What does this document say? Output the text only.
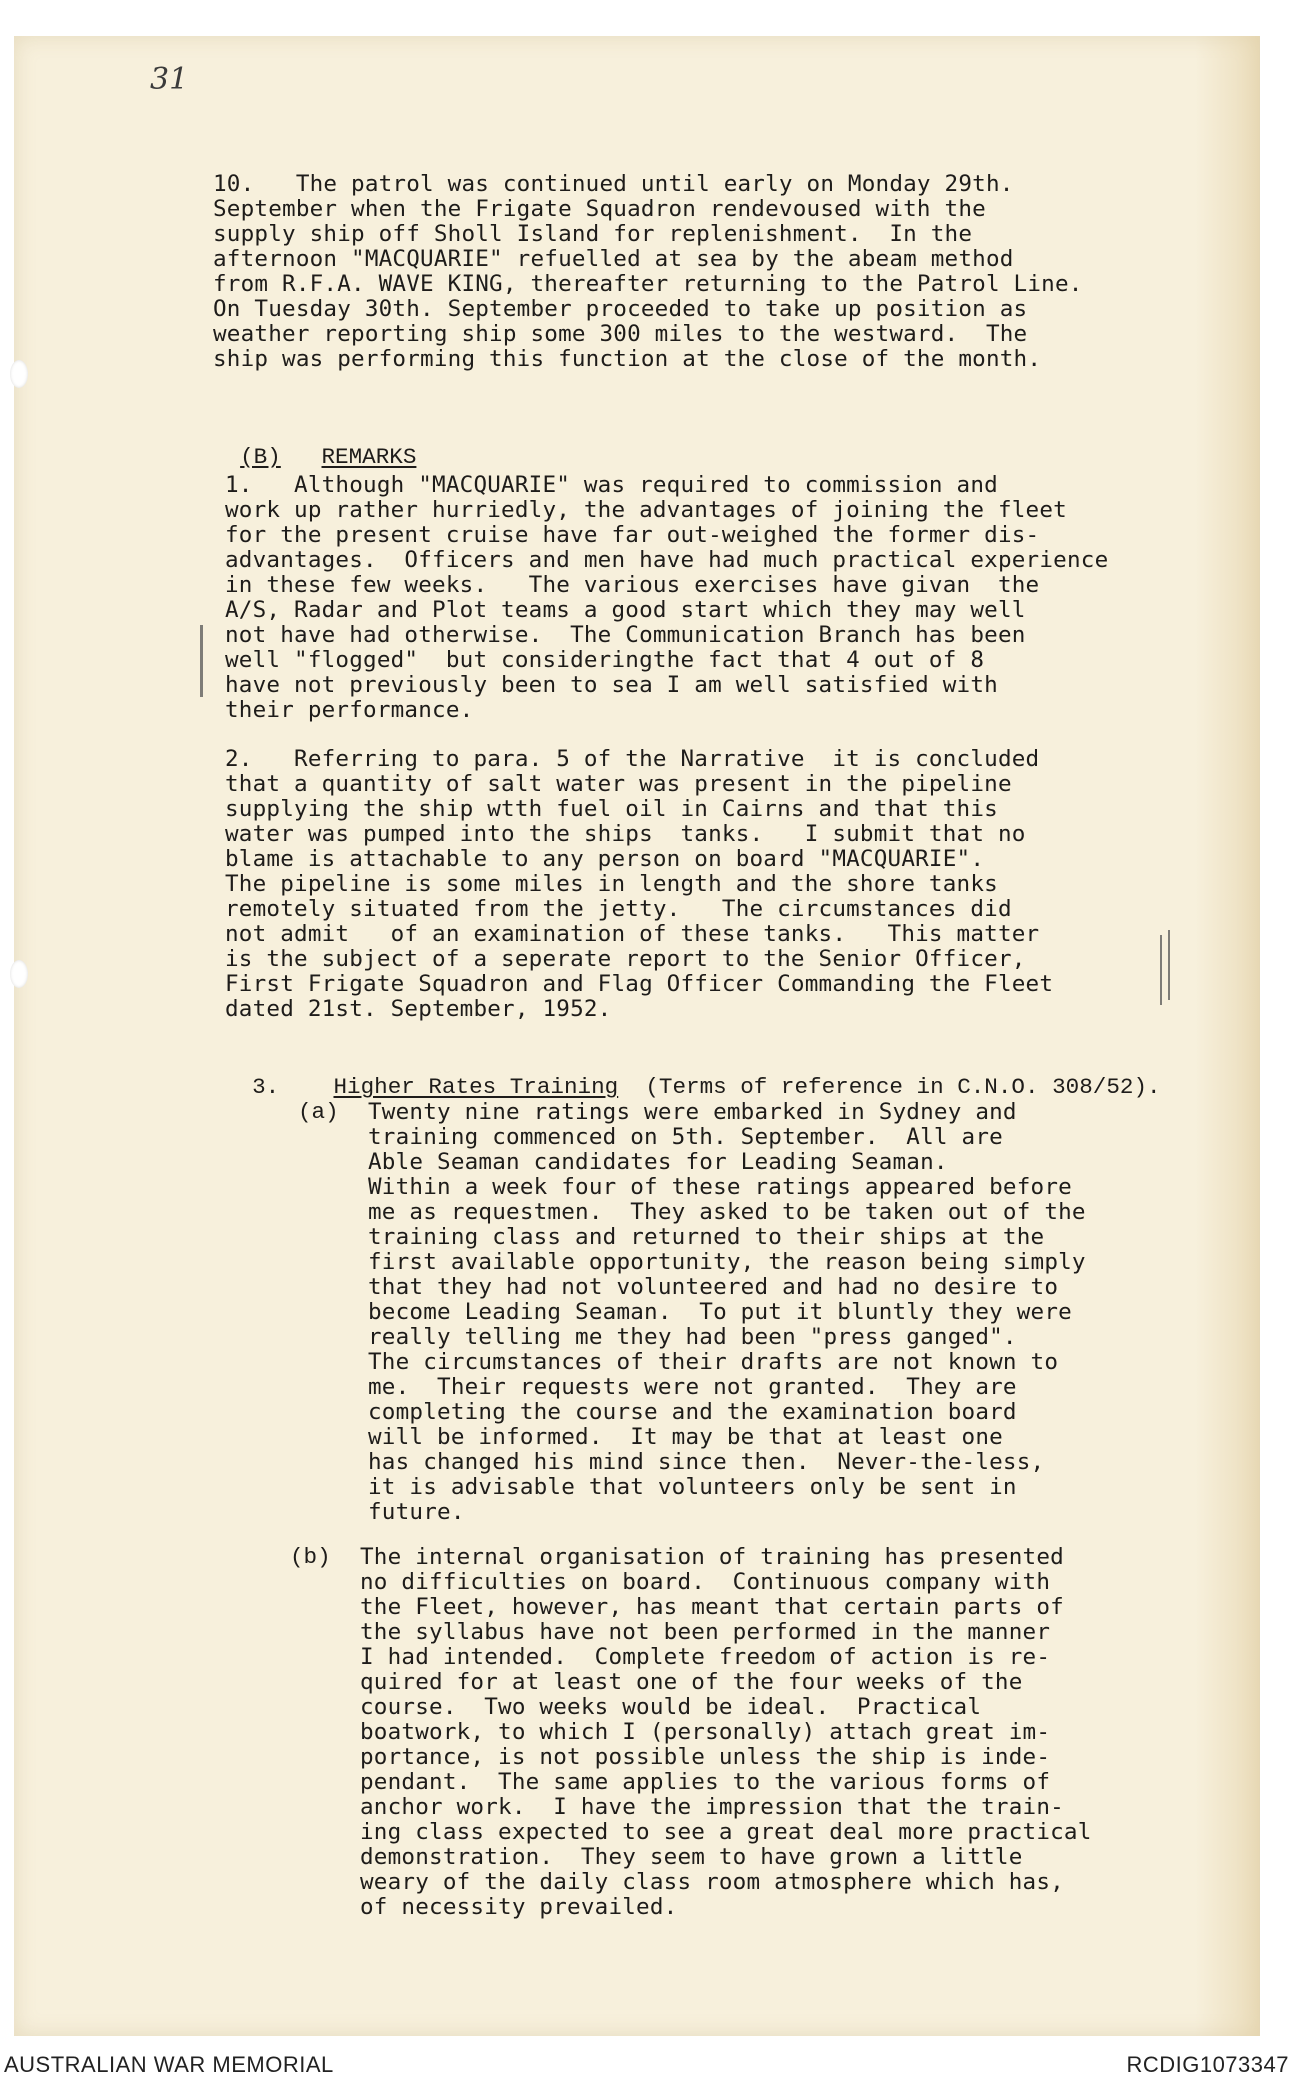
31
10.   The patrol was continued until early on Monday 29th.
September when the Frigate Squadron rendevoused with the
supply ship off Sholl Island for replenishment.  In the
afternoon "MACQUARIE" refuelled at sea by the abeam method
from R.F.A. WAVE KING, thereafter returning to the Patrol Line.
On Tuesday 30th. September proceeded to take up position as
weather reporting ship some 300 miles to the westward.  The
ship was performing this function at the close of the month.

(B) REMARKS

1.   Although "MACQUARIE" was required to commission and
work up rather hurriedly, the advantages of joining the fleet
for the present cruise have far out-weighed the former dis-
advantages.  Officers and men have had much practical experience
in these few weeks.   The various exercises have givan  the
A/S, Radar and Plot teams a good start which they may well
not have had otherwise.  The Communication Branch has been
well "flogged"  but consideringthe fact that 4 out of 8
have not previously been to sea I am well satisfied with
their performance.
2.   Referring to para. 5 of the Narrative  it is concluded
that a quantity of salt water was present in the pipeline
supplying the ship wtth fuel oil in Cairns and that this
water was pumped into the ships  tanks.   I submit that no
blame is attachable to any person on board "MACQUARIE".
The pipeline is some miles in length and the shore tanks
remotely situated from the jetty.   The circumstances did
not admit   of an examination of these tanks.   This matter
is the subject of a seperate report to the Senior Officer,
First Frigate Squadron and Flag Officer Commanding the Fleet
dated 21st. September, 1952.

3. Higher Rates Training (Terms of reference in C.N.O. 308/52).

(a) Twenty nine ratings were embarked in Sydney and
training commenced on 5th. September.  All are
Able Seaman candidates for Leading Seaman.
Within a week four of these ratings appeared before
me as requestmen.  They asked to be taken out of the
training class and returned to their ships at the
first available opportunity, the reason being simply
that they had not volunteered and had no desire to
become Leading Seaman.  To put it bluntly they were
really telling me they had been "press ganged".
The circumstances of their drafts are not known to
me.  Their requests were not granted.  They are
completing the course and the examination board
will be informed.  It may be that at least one
has changed his mind since then.  Never-the-less,
it is advisable that volunteers only be sent in
future.
(b) The internal organisation of training has presented
no difficulties on board.  Continuous company with
the Fleet, however, has meant that certain parts of
the syllabus have not been performed in the manner
I had intended.  Complete freedom of action is re-
quired for at least one of the four weeks of the
course.  Two weeks would be ideal.  Practical
boatwork, to which I (personally) attach great im-
portance, is not possible unless the ship is inde-
pendant.  The same applies to the various forms of
anchor work.  I have the impression that the train-
ing class expected to see a great deal more practical
demonstration.  They seem to have grown a little
weary of the daily class room atmosphere which has,
of necessity prevailed.
AUSTRALIAN WAR MEMORIAL	RCDIG1073347
